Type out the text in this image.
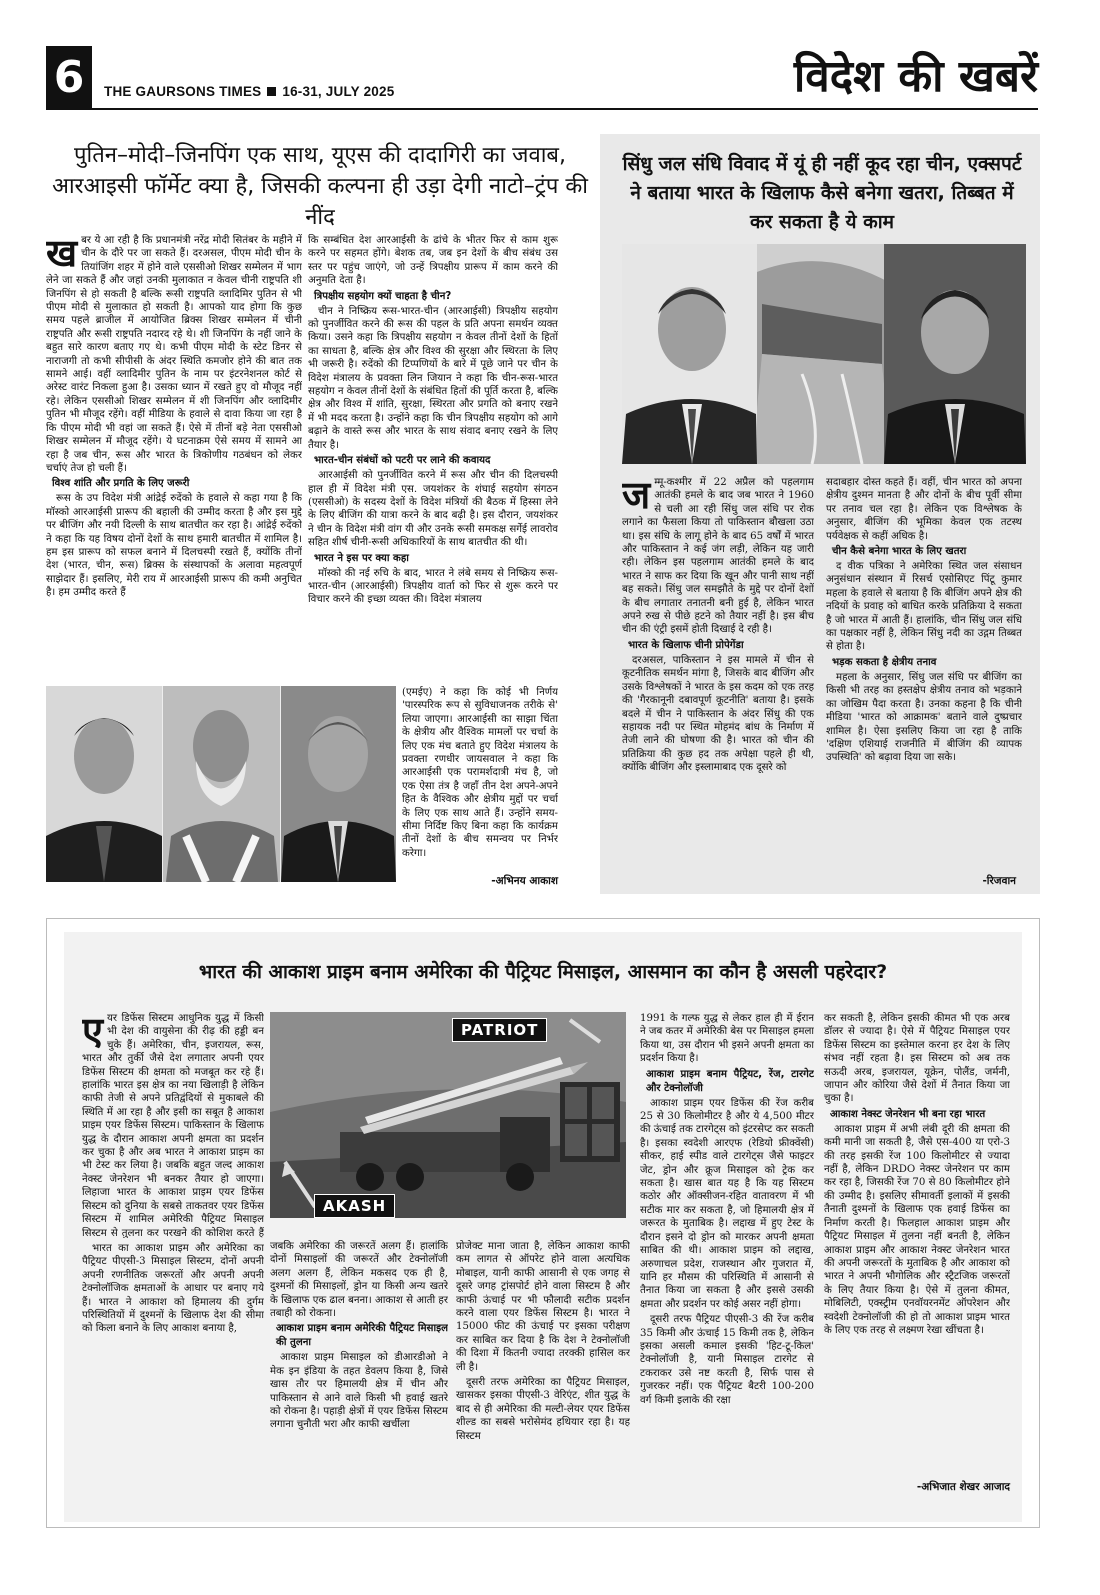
6	THE GAURSONS TIMES 16-31, JULY 2025	विदेश की खबरें
पुतिन–मोदी–जिनपिंग एक साथ, यूएस की दादागिरी का जवाब, आरआइसी फॉर्मेट क्या है, जिसकी कल्पना ही उड़ा देगी नाटो–ट्रंप की नींद
ख बर ये आ रही है कि प्रधानमंत्री नरेंद्र मोदी सितंबर के महीने में चीन के दौरे पर जा सकते हैं। दरअसल, पीएम मोदी चीन के तियांजिंग शहर में होने वाले एससीओ शिखर सम्मेलन में भाग लेने जा सकते हैं और जहां उनकी मुलाकात न केवल चीनी राष्ट्रपति शी जिनपिंग से हो सकती है बल्कि रूसी राष्ट्रपति व्लादिमिर पुतिन से भी पीएम मोदी से मुलाकात हो सकती है। आपको याद होगा कि कुछ समय पहले ब्राजील में आयोजित ब्रिक्स शिखर सम्मेलन में चीनी राष्ट्रपति और रूसी राष्ट्रपति नदारद रहे थे। शी जिनपिंग के नहीं जाने के बहुत सारे कारण बताए गए थे। कभी पीएम मोदी के स्टेट डिनर से नाराजगी तो कभी सीपीसी के अंदर स्थिति कमजोर होने की बात तक सामने आई। वहीं व्लादिमीर पुतिन के नाम पर इंटरनेशनल कोर्ट से अरेस्ट वारंट निकला हुआ है। उसका ध्यान में रखते हुए वो मौजूद नहीं रहे। लेकिन एससीओ शिखर सम्मेलन में शी जिनपिंग और व्लादिमीर पुतिन भी मौजूद रहेंगे। वहीं मीडिया के हवाले से दावा किया जा रहा है कि पीएम मोदी भी वहां जा सकते हैं। ऐसे में तीनों बड़े नेता एससीओ शिखर सम्मेलन में मौजूद रहेंगे। ये घटनाक्रम ऐसे समय में सामने आ रहा है जब चीन, रूस और भारत के त्रिकोणीय गठबंधन को लेकर चर्चाएं तेज हो चली हैं।

विश्व शांति और प्रगति के लिए जरूरी

रूस के उप विदेश मंत्री आंद्रेई रुदेंको के हवाले से कहा गया है कि मॉस्को आरआईसी प्रारूप की बहाली की उम्मीद करता है और इस मुद्दे पर बीजिंग और नयी दिल्ली के साथ बातचीत कर रहा है। आंद्रेई रुदेंको ने कहा कि यह विषय दोनों देशों के साथ हमारी बातचीत में शामिल है। हम इस प्रारूप को सफल बनाने में दिलचस्पी रखते हैं, क्योंकि तीनों देश (भारत, चीन, रूस) ब्रिक्स के संस्थापकों के अलावा महत्वपूर्ण साझेदार हैं। इसलिए, मेरी राय में आरआईसी प्रारूप की कमी अनुचित है। हम उम्मीद करते हैं

कि सम्बंधित देश आरआईसी के ढांचे के भीतर फिर से काम शुरू करने पर सहमत होंगे। बेशक तब, जब इन देशों के बीच संबंध उस स्तर पर पहुंच जाएंगे, जो उन्हें त्रिपक्षीय प्रारूप में काम करने की अनुमति देता है।

त्रिपक्षीय सहयोग क्यों चाहता है चीन?

चीन ने निष्क्रिय रूस-भारत-चीन (आरआईसी) त्रिपक्षीय सहयोग को पुनर्जीवित करने की रूस की पहल के प्रति अपना समर्थन व्यक्त किया। उसने कहा कि त्रिपक्षीय सहयोग न केवल तीनों देशों के हितों का साधता है, बल्कि क्षेत्र और विश्व की सुरक्षा और स्थिरता के लिए भी जरूरी है। रुदेंको की टिप्पणियों के बारे में पूछे जाने पर चीन के विदेश मंत्रालय के प्रवक्ता लिन जियान ने कहा कि चीन-रूस-भारत सहयोग न केवल तीनों देशों के संबंधित हितों की पूर्ति करता है, बल्कि क्षेत्र और विश्व में शांति, सुरक्षा, स्थिरता और प्रगति को बनाए रखने में भी मदद करता है। उन्होंने कहा कि चीन त्रिपक्षीय सहयोग को आगे बढ़ाने के वास्ते रूस और भारत के साथ संवाद बनाए रखने के लिए तैयार है।

भारत-चीन संबंधों को पटरी पर लाने की कवायद

आरआईसी को पुनर्जीवित करने में रूस और चीन की दिलचस्पी हाल ही में विदेश मंत्री एस. जयशंकर के शंघाई सहयोग संगठन (एससीओ) के सदस्य देशों के विदेश मंत्रियों की बैठक में हिस्सा लेने के लिए बीजिंग की यात्रा करने के बाद बढ़ी है। इस दौरान, जयशंकर ने चीन के विदेश मंत्री वांग यी और उनके रूसी समकक्ष सर्गेई लावरोव सहित शीर्ष चीनी-रूसी अधिकारियों के साथ बातचीत की थी।

भारत ने इस पर क्या कहा

मॉस्को की नई रुचि के बाद, भारत ने लंबे समय से निष्क्रिय रूस-भारत-चीन (आरआईसी) त्रिपक्षीय वार्ता को फिर से शुरू करने पर विचार करने की इच्छा व्यक्त की। विदेश मंत्रालय

(एमईए) ने कहा कि कोई भी निर्णय 'पारस्परिक रूप से सुविधाजनक तरीके से' लिया जाएगा। आरआईसी का साझा चिंता के क्षेत्रीय और वैश्विक मामलों पर चर्चा के लिए एक मंच बताते हुए विदेश मंत्रालय के प्रवक्ता रणधीर जायसवाल ने कहा कि आरआईसी एक परामर्शदात्री मंच है, जो एक ऐसा तंत्र है जहाँ तीन देश अपने-अपने हित के वैश्विक और क्षेत्रीय मुद्दों पर चर्चा के लिए एक साथ आते हैं। उन्होंने समय-सीमा निर्दिष्ट किए बिना कहा कि कार्यक्रम तीनों देशों के बीच समन्वय पर निर्भर करेगा।

-अभिनय आकाश
सिंधु जल संधि विवाद में यूं ही नहीं कूद रहा चीन, एक्सपर्ट ने बताया भारत के खिलाफ कैसे बनेगा खतरा, तिब्बत में कर सकता है ये काम
ज म्मू-कश्मीर में 22 अप्रैल को पहलगाम आतंकी हमले के बाद जब भारत ने 1960 से चली आ रही सिंधु जल संधि पर रोक लगाने का फैसला किया तो पाकिस्तान बौखला उठा था। इस संधि के लागू होने के बाद 65 वर्षों में भारत और पाकिस्तान ने कई जंग लड़ी, लेकिन यह जारी रही। लेकिन इस पहलगाम आतंकी हमले के बाद भारत ने साफ कर दिया कि खून और पानी साथ नहीं बह सकते। सिंधु जल समझौते के मुद्दे पर दोनों देशों के बीच लगातार तनातनी बनी हुई है, लेकिन भारत अपने रुख से पीछे हटने को तैयार नहीं है। इस बीच चीन की एंट्री इसमें होती दिखाई दे रही है।

भारत के खिलाफ चीनी प्रोपेगेंडा

दरअसल, पाकिस्तान ने इस मामले में चीन से कूटनीतिक समर्थन मांगा है, जिसके बाद बीजिंग और उसके विश्लेषकों ने भारत के इस कदम को एक तरह की 'गैरकानूनी दबावपूर्ण कूटनीति' बताया है। इसके बदले में चीन ने पाकिस्तान के अंदर सिंधु की एक सहायक नदी पर स्थित मोहमंद बांध के निर्माण में तेजी लाने की घोषणा की है। भारत को चीन की प्रतिक्रिया की कुछ हद तक अपेक्षा पहले ही थी, क्योंकि बीजिंग और इस्लामाबाद एक दूसरे को

सदाबहार दोस्त कहते हैं। वहीं, चीन भारत को अपना क्षेत्रीय दुश्मन मानता है और दोनों के बीच पूर्वी सीमा पर तनाव चल रहा है। लेकिन एक विश्लेषक के अनुसार, बीजिंग की भूमिका केवल एक तटस्थ पर्यवेक्षक से कहीं अधिक है।

चीन कैसे बनेगा भारत के लिए खतरा

द वीक पत्रिका ने अमेरिका स्थित जल संसाधन अनुसंधान संस्थान में रिसर्च एसोसिएट पिंटू कुमार महला के हवाले से बताया है कि बीजिंग अपने क्षेत्र की नदियों के प्रवाह को बाधित करके प्रतिक्रिया दे सकता है जो भारत में आती हैं। हालांकि, चीन सिंधु जल संधि का पक्षकार नहीं है, लेकिन सिंधु नदी का उद्गम तिब्बत से होता है।

भड़क सकता है क्षेत्रीय तनाव

महला के अनुसार, सिंधु जल संधि पर बीजिंग का किसी भी तरह का हस्तक्षेप क्षेत्रीय तनाव को भड़काने का जोखिम पैदा करता है। उनका कहना है कि चीनी मीडिया 'भारत को आक्रामक' बताने वाले दुष्प्रचार शामिल है। ऐसा इसलिए किया जा रहा है ताकि 'दक्षिण एशियाई राजनीति में बीजिंग की व्यापक उपस्थिति' को बढ़ावा दिया जा सके।

-रिजवान
भारत की आकाश प्राइम बनाम अमेरिका की पैट्रियट मिसाइल, आसमान का कौन है असली पहरेदार?
ए यर डिफेंस सिस्टम आधुनिक युद्ध में किसी भी देश की वायुसेना की रीढ़ की हड्डी बन चुके हैं। अमेरिका, चीन, इजरायल, रूस, भारत और तुर्की जैसे देश लगातार अपनी एयर डिफेंस सिस्टम की क्षमता को मजबूत कर रहे हैं। हालांकि भारत इस क्षेत्र का नया खिलाड़ी है लेकिन काफी तेजी से अपने प्रतिद्वंदियों से मुकाबले की स्थिति में आ रहा है और इसी का सबूत है आकाश प्राइम एयर डिफेंस सिस्टम। पाकिस्तान के खिलाफ युद्ध के दौरान आकाश अपनी क्षमता का प्रदर्शन कर चुका है और अब भारत ने आकाश प्राइम का भी टेस्ट कर लिया है। जबकि बहुत जल्द आकाश नेक्स्ट जेनरेशन भी बनकर तैयार हो जाएगा। लिहाजा भारत के आकाश प्राइम एयर डिफेंस सिस्टम को दुनिया के सबसे ताकतवर एयर डिफेंस सिस्टम में शामिल अमेरिकी पैट्रियट मिसाइल सिस्टम से तुलना कर परखने की कोशिश करते हैं

PATRIOT
AKASH

भारत का आकाश प्राइम और अमेरिका का पैट्रियट पीएसी-3 मिसाइल सिस्टम, दोनों अपनी अपनी रणनीतिक जरूरतों और अपनी अपनी टेक्नोलॉजिक क्षमताओं के आधार पर बनाए गये हैं। भारत ने आकाश को हिमालय की दुर्गम परिस्थितियों में दुश्मनों के खिलाफ देश की सीमा को किला बनाने के लिए आकाश बनाया है,

जबकि अमेरिका की जरूरतें अलग हैं। हालांकि दोनों मिसाइलों की जरूरतें और टेक्नोलॉजी अलग अलग हैं, लेकिन मकसद एक ही है, दुश्मनों की मिसाइलों, ड्रोन या किसी अन्य खतरे के खिलाफ एक ढाल बनना। आकाश से आती हर तबाही को रोकना।

आकाश प्राइम बनाम अमेरिकी पैट्रियट मिसाइल की तुलना

आकाश प्राइम मिसाइल को डीआरडीओ ने मेक इन इंडिया के तहत डेवलप किया है, जिसे खास तौर पर हिमालयी क्षेत्र में चीन और पाकिस्तान से आने वाले किसी भी हवाई खतरे को रोकना है। पहाड़ी क्षेत्रों में एयर डिफेंस सिस्टम लगाना चुनौती भरा और काफी खर्चीला

प्रोजेक्ट माना जाता है, लेकिन आकाश काफी कम लागत से ऑपरेट होने वाला अत्यधिक मोबाइल, यानी काफी आसानी से एक जगह से दूसरे जगह ट्रांसपोर्ट होने वाला सिस्टम है और काफी ऊंचाई पर भी फौलादी सटीक प्रदर्शन करने वाला एयर डिफेंस सिस्टम है। भारत ने 15000 फीट की ऊंचाई पर इसका परीक्षण कर साबित कर दिया है कि देश ने टेक्नोलॉजी की दिशा में कितनी ज्यादा तरक्की हासिल कर ली है।

दूसरी तरफ अमेरिका का पैट्रियट मिसाइल, खासकर इसका पीएसी-3 वेरिएंट, शीत युद्ध के बाद से ही अमेरिका की मल्टी-लेयर एयर डिफेंस शील्ड का सबसे भरोसेमंद हथियार रहा है। यह सिस्टम

1991 के गल्फ युद्ध से लेकर हाल ही में ईरान ने जब कतर में अमेरिकी बेस पर मिसाइल हमला किया था, उस दौरान भी इसने अपनी क्षमता का प्रदर्शन किया है।

आकाश प्राइम बनाम पैट्रियट, रेंज, टारगेट और टेक्नोलॉजी

आकाश प्राइम एयर डिफेंस की रेंज करीब 25 से 30 किलोमीटर है और ये 4,500 मीटर की ऊंचाई तक टारगेट्स को इंटरसेप्ट कर सकती है। इसका स्वदेशी आरएफ (रेडियो फ्रीक्वेंसी) सीकर, हाई स्पीड वाले टारगेट्स जैसे फाइटर जेट, ड्रोन और क्रूज मिसाइल को ट्रेक कर सकता है। खास बात यह है कि यह सिस्टम कठोर और ऑक्सीजन-रहित वातावरण में भी सटीक मार कर सकता है, जो हिमालयी क्षेत्र में जरूरत के मुताबिक है। लद्दाख में हुए टेस्ट के दौरान इसने दो ड्रोन को मारकर अपनी क्षमता साबित की थी। आकाश प्राइम को लद्दाख, अरुणाचल प्रदेश, राजस्थान और गुजरात में, यानि हर मौसम की परिस्थिति में आसानी से तैनात किया जा सकता है और इससे उसकी क्षमता और प्रदर्शन पर कोई असर नहीं होगा।

दूसरी तरफ पैट्रियट पीएसी-3 की रेंज करीब 35 किमी और ऊंचाई 15 किमी तक है, लेकिन इसका असली कमाल इसकी 'हिट-टू-किल' टेक्नोलॉजी है, यानी मिसाइल टारगेट से टकराकर उसे नष्ट करती है, सिर्फ पास से गुजरकर नहीं। एक पैट्रियट बैटरी 100-200 वर्ग किमी इलाके की रक्षा

कर सकती है, लेकिन इसकी कीमत भी एक अरब डॉलर से ज्यादा है। ऐसे में पैट्रियट मिसाइल एयर डिफेंस सिस्टम का इस्तेमाल करना हर देश के लिए संभव नहीं रहता है। इस सिस्टम को अब तक सऊदी अरब, इजरायल, यूक्रेन, पोलैंड, जर्मनी, जापान और कोरिया जैसे देशों में तैनात किया जा चुका है।

आकाश नेक्स्ट जेनरेशन भी बना रहा भारत

आकाश प्राइम में अभी लंबी दूरी की क्षमता की कमी मानी जा सकती है, जैसे एस-400 या एरो-3 की तरह इसकी रेंज 100 किलोमीटर से ज्यादा नहीं है, लेकिन DRDO नेक्स्ट जेनरेशन पर काम कर रहा है, जिसकी रेंज 70 से 80 किलोमीटर होने की उम्मीद है। इसलिए सीमावर्ती इलाकों में इसकी तैनाती दुश्मनों के खिलाफ एक हवाई डिफेंस का निर्माण करती है। फिलहाल आकाश प्राइम और पैट्रियट मिसाइल में तुलना नहीं बनती है, लेकिन आकाश प्राइम और आकाश नेक्स्ट जेनरेशन भारत की अपनी जरूरतों के मुताबिक है और आकाश को भारत ने अपनी भौगोलिक और स्ट्रैटजिक जरूरतों के लिए तैयार किया है। ऐसे में तुलना कीमत, मोबिलिटी, एक्स्ट्रीम एनवॉयरनमेंट ऑपरेशन और स्वदेशी टेक्नोलॉजी की हो तो आकाश प्राइम भारत के लिए एक तरह से लक्ष्मण रेखा खींचता है।

-अभिजात शेखर आजाद
